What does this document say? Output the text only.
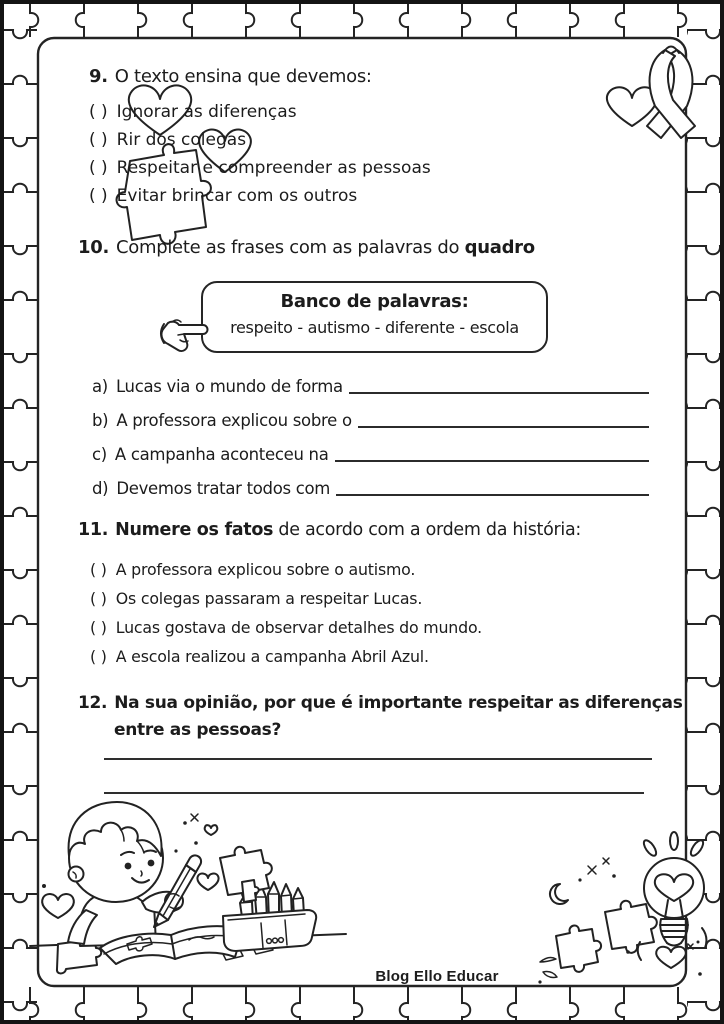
9. O texto ensina que devemos:
( ) Ignorar as diferenças
( ) Rir dos colegas
( ) Respeitar e compreender as pessoas
( ) Evitar brincar com os outros
10. Complete as frases com as palavras do quadro
Banco de palavras:
respeito - autismo - diferente - escola
a) Lucas via o mundo de forma
b) A professora explicou sobre o
c) A campanha aconteceu na
d) Devemos tratar todos com
11. Numere os fatos de acordo com a ordem da história:
( ) A professora explicou sobre o autismo.
( ) Os colegas passaram a respeitar Lucas.
( ) Lucas gostava de observar detalhes do mundo.
( ) A escola realizou a campanha Abril Azul.

12. Na sua opinião, por que é importante respeitar as diferenças entre as pessoas?

Blog Ello Educar
